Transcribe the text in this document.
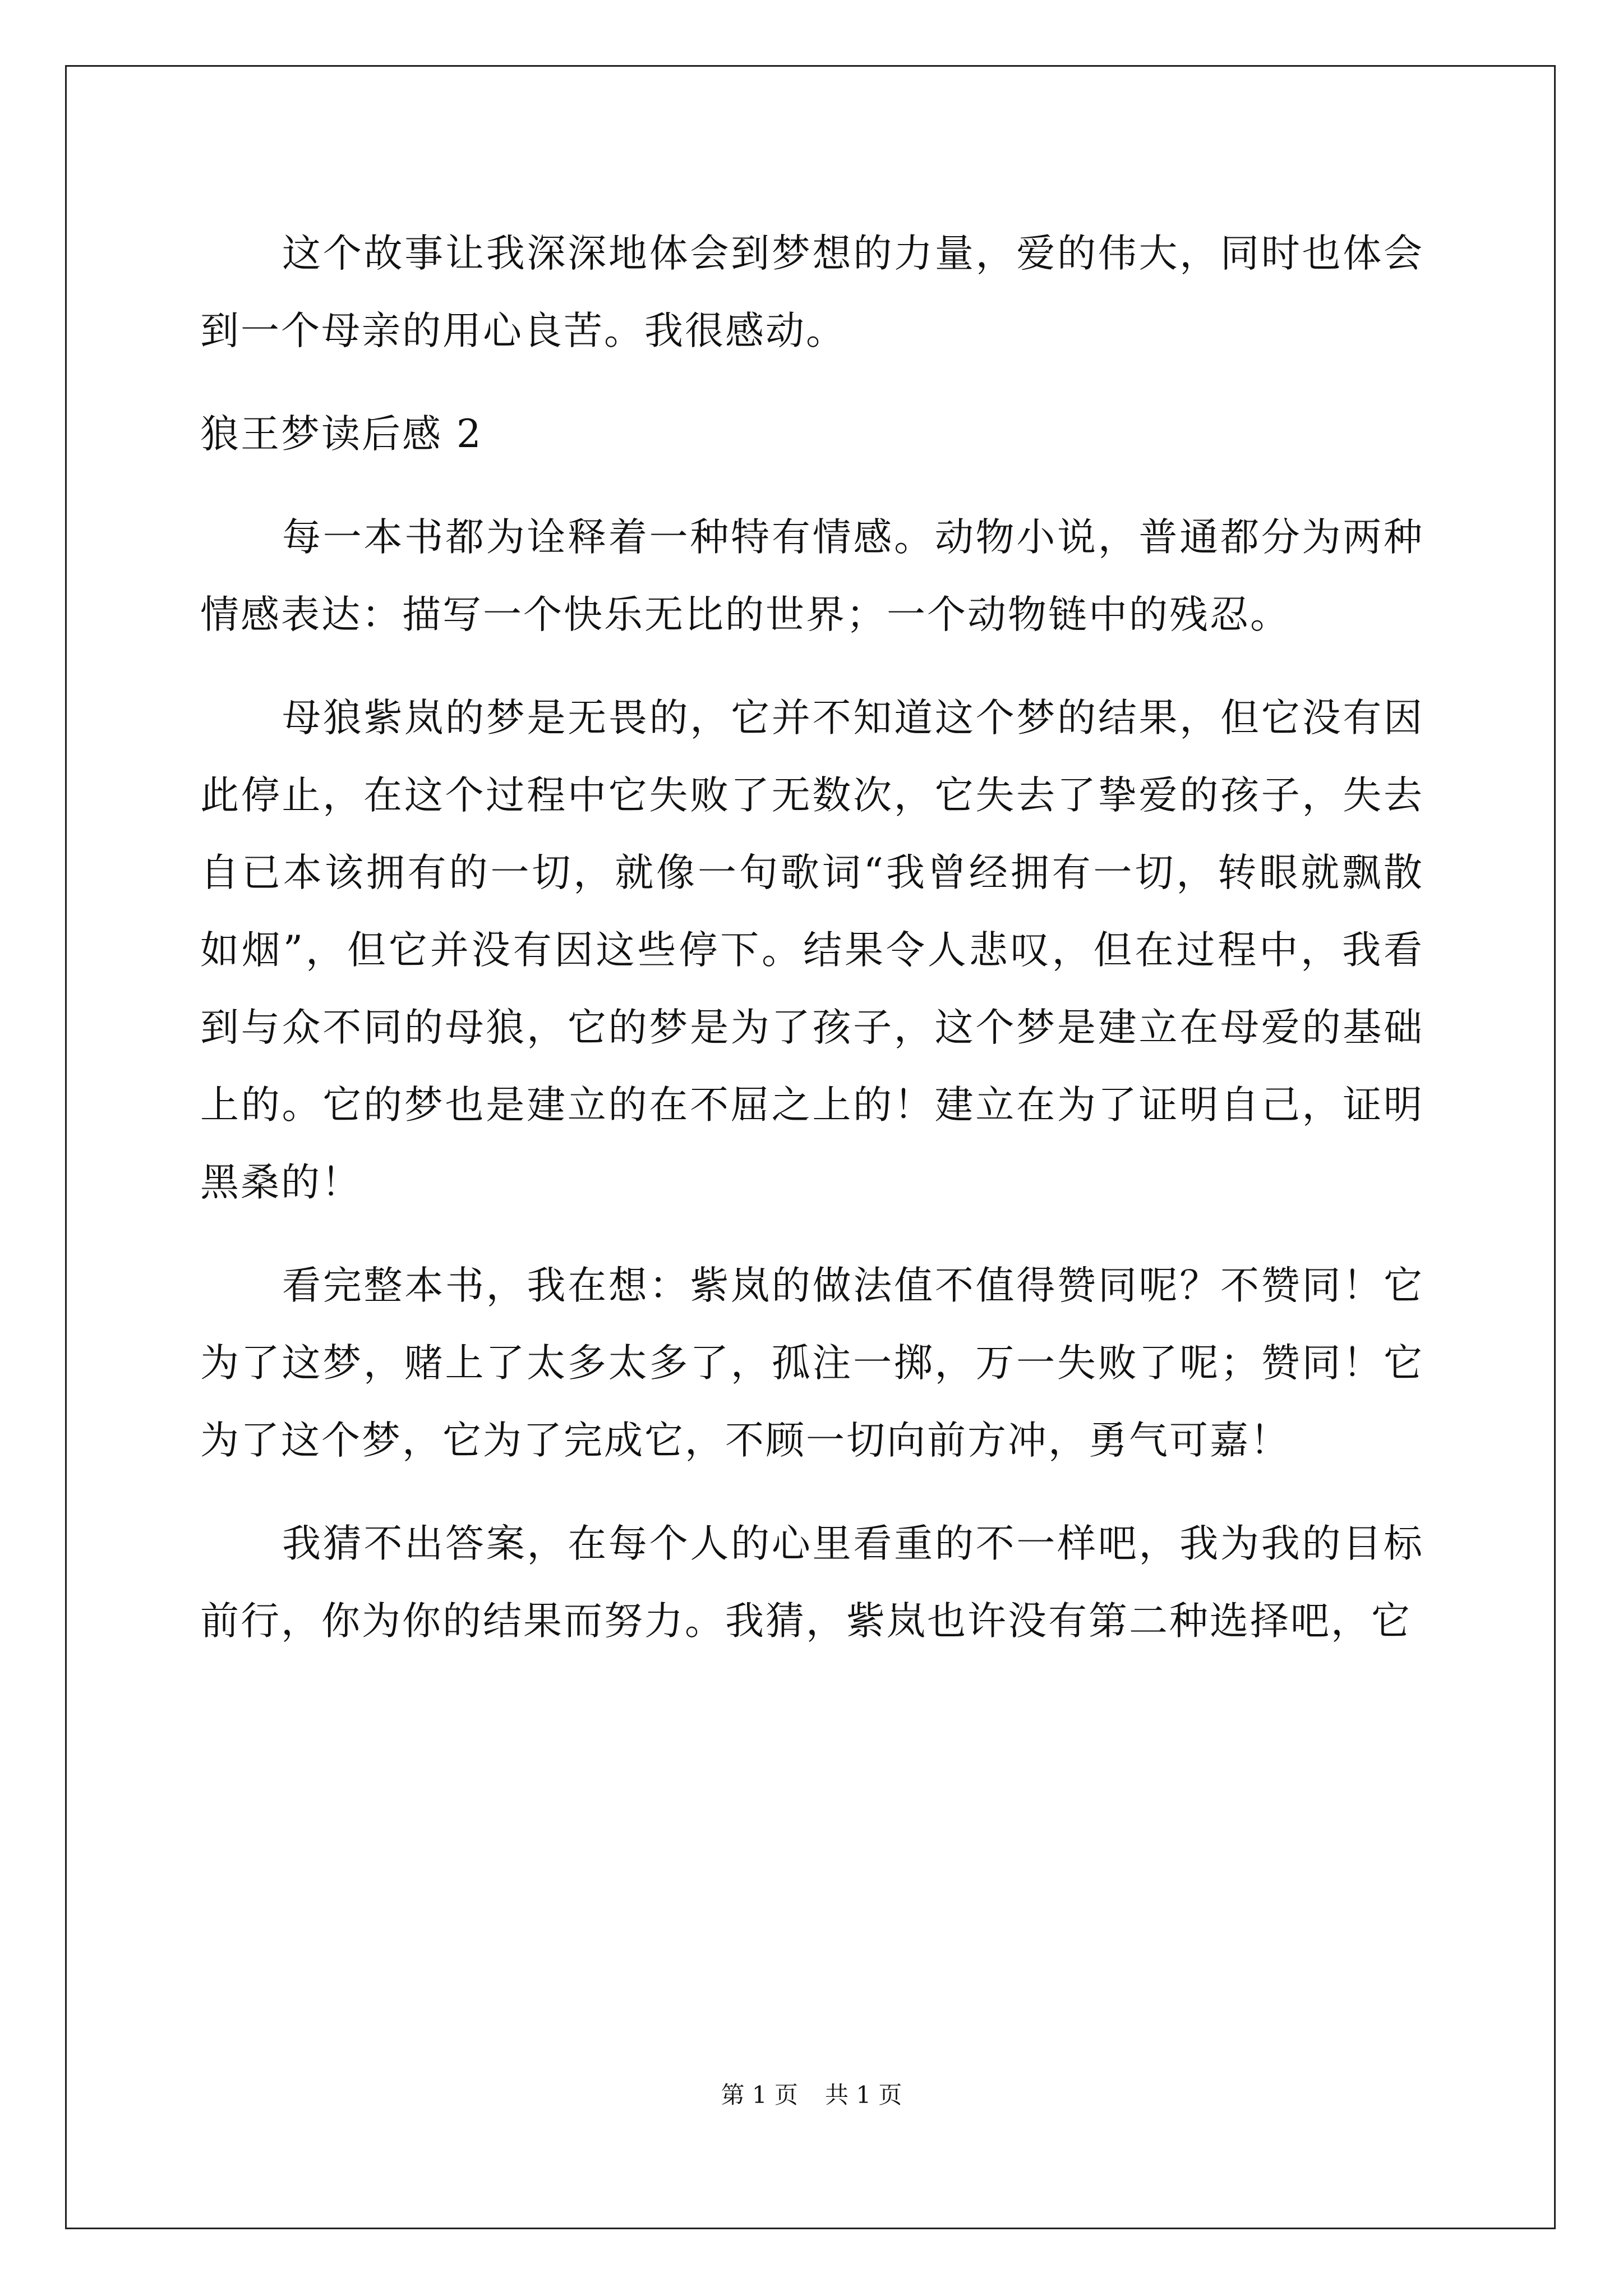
这个故事让我深深地体会到梦想的力量，爱的伟大，同时也体会到一个母亲的用心良苦。我很感动。

狼王梦读后感 2

每一本书都为诠释着一种特有情感。动物小说，普通都分为两种情感表达：描写一个快乐无比的世界；一个动物链中的残忍。

母狼紫岚的梦是无畏的，它并不知道这个梦的结果，但它没有因此停止，在这个过程中它失败了无数次，它失去了挚爱的孩子，失去自已本该拥有的一切，就像一句歌词“我曾经拥有一切，转眼就飘散如烟”，但它并没有因这些停下。结果令人悲叹，但在过程中，我看到与众不同的母狼，它的梦是为了孩子，这个梦是建立在母爱的基础上的。它的梦也是建立的在不屈之上的！建立在为了证明自己，证明黑桑的！

看完整本书，我在想：紫岚的做法值不值得赞同呢？不赞同！它为了这梦，赌上了太多太多了，孤注一掷，万一失败了呢；赞同！它为了这个梦，它为了完成它，不顾一切向前方冲，勇气可嘉！

我猜不出答案，在每个人的心里看重的不一样吧，我为我的目标前行，你为你的结果而努力。我猜，紫岚也许没有第二种选择吧，它

第 1 页 共 1 页
